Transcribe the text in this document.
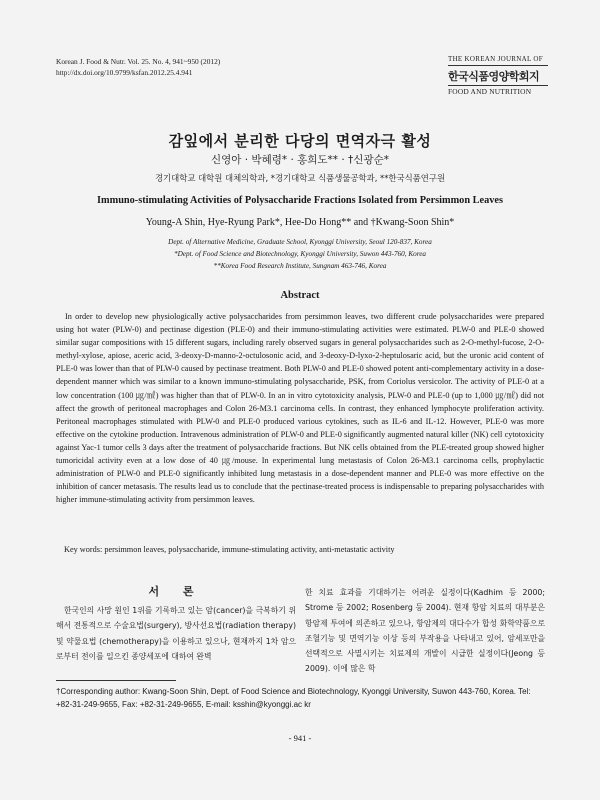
Korean J. Food & Nutr. Vol. 25. No. 4, 941~950 (2012)
http://dx.doi.org/10.9799/ksfan.2012.25.4.941
THE KOREAN JOURNAL OF
한국식품영양학회지
FOOD AND NUTRITION
감잎에서 분리한 다당의 면역자극 활성
신영아 · 박혜령* · 홍희도** · †신광순*
경기대학교 대학원 대체의학과, *경기대학교 식품생물공학과, **한국식품연구원
Immuno-stimulating Activities of Polysaccharide Fractions Isolated from Persimmon Leaves
Young-A Shin, Hye-Ryung Park*, Hee-Do Hong** and †Kwang-Soon Shin*
Dept. of Alternative Medicine, Graduate School, Kyonggi University, Seoul 120-837, Korea
*Dept. of Food Science and Biotechnology, Kyonggi University, Suwon 443-760, Korea
**Korea Food Research Institute, Sungnam 463-746, Korea
Abstract

In order to develop new physiologically active polysaccharides from persimmon leaves, two different crude polysaccharides were prepared using hot water (PLW-0) and pectinase digestion (PLE-0) and their immuno-stimulating activities were estimated. PLW-0 and PLE-0 showed similar sugar compositions with 15 different sugars, including rarely observed sugars in general polysaccharides such as 2-O-methyl-fucose, 2-O-methyl-xylose, apiose, aceric acid, 3-deoxy-D-manno-2-octulosonic acid, and 3-deoxy-D-lyxo-2-heptulosaric acid, but the uronic acid content of PLE-0 was lower than that of PLW-0 caused by pectinase treatment. Both PLW-0 and PLE-0 showed potent anti-complementary activity in a dose-dependent manner which was similar to a known immuno-stimulating polysaccharide, PSK, from Coriolus versicolor. The activity of PLE-0 at a low concentration (100 ㎍/㎖) was higher than that of PLW-0. In an in vitro cytotoxicity analysis, PLW-0 and PLE-0 (up to 1,000 ㎍/㎖) did not affect the growth of peritoneal macrophages and Colon 26-M3.1 carcinoma cells. In contrast, they enhanced lymphocyte proliferation activity. Peritoneal macrophages stimulated with PLW-0 and PLE-0 produced various cytokines, such as IL-6 and IL-12. However, PLE-0 was more effective on the cytokine production. Intravenous administration of PLW-0 and PLE-0 significantly augmented natural killer (NK) cell cytotoxicity against Yac-1 tumor cells 3 days after the treatment of polysaccharide fractions. But NK cells obtained from the PLE-treated group showed higher tumoricidal activity even at a low dose of 40 ㎍/mouse. In experimental lung metastasis of Colon 26-M3.1 carcinoma cells, prophylactic administration of PLW-0 and PLE-0 significantly inhibited lung metastasis in a dose-dependent manner and PLE-0 was more effective on the inhibition of cancer metasasis. The results lead us to conclude that the pectinase-treated process is indispensable to preparing polysaccharides with higher immune-stimulating activity from persimmon leaves.

Key words: persimmon leaves, polysaccharide, immune-stimulating activity, anti-metastatic activity
서 론

한국인의 사망 원인 1위를 기록하고 있는 암(cancer)을 극복하기 위해서 전통적으로 수술요법(surgery), 방사선요법(radiation therapy) 및 약물요법 (chemotherapy)을 이용하고 있으나, 현재까지 1차 암으로부터 전이를 일으킨 종양세포에 대하여 완벽

한 치료 효과를 기대하기는 어려운 실정이다(Kadhim 등 2000; Strome 등 2002; Rosenberg 등 2004). 현재 항암 치료의 대부분은 항암제 투여에 의존하고 있으나, 항암제의 대다수가 합성 화학약품으로 조혈기능 및 면역기능 이상 등의 부작용을 나타내고 있어, 암세포만을 선택적으로 사멸시키는 치료제의 개발이 시급한 실정이다(Jeong 등 2009). 이에 많은 학

†Corresponding author: Kwang-Soon Shin, Dept. of Food Science and Biotechnology, Kyonggi University, Suwon 443-760, Korea. Tel: +82-31-249-9655, Fax: +82-31-249-9655, E-mail: ksshin@kyonggi.ac kr

- 941 -
